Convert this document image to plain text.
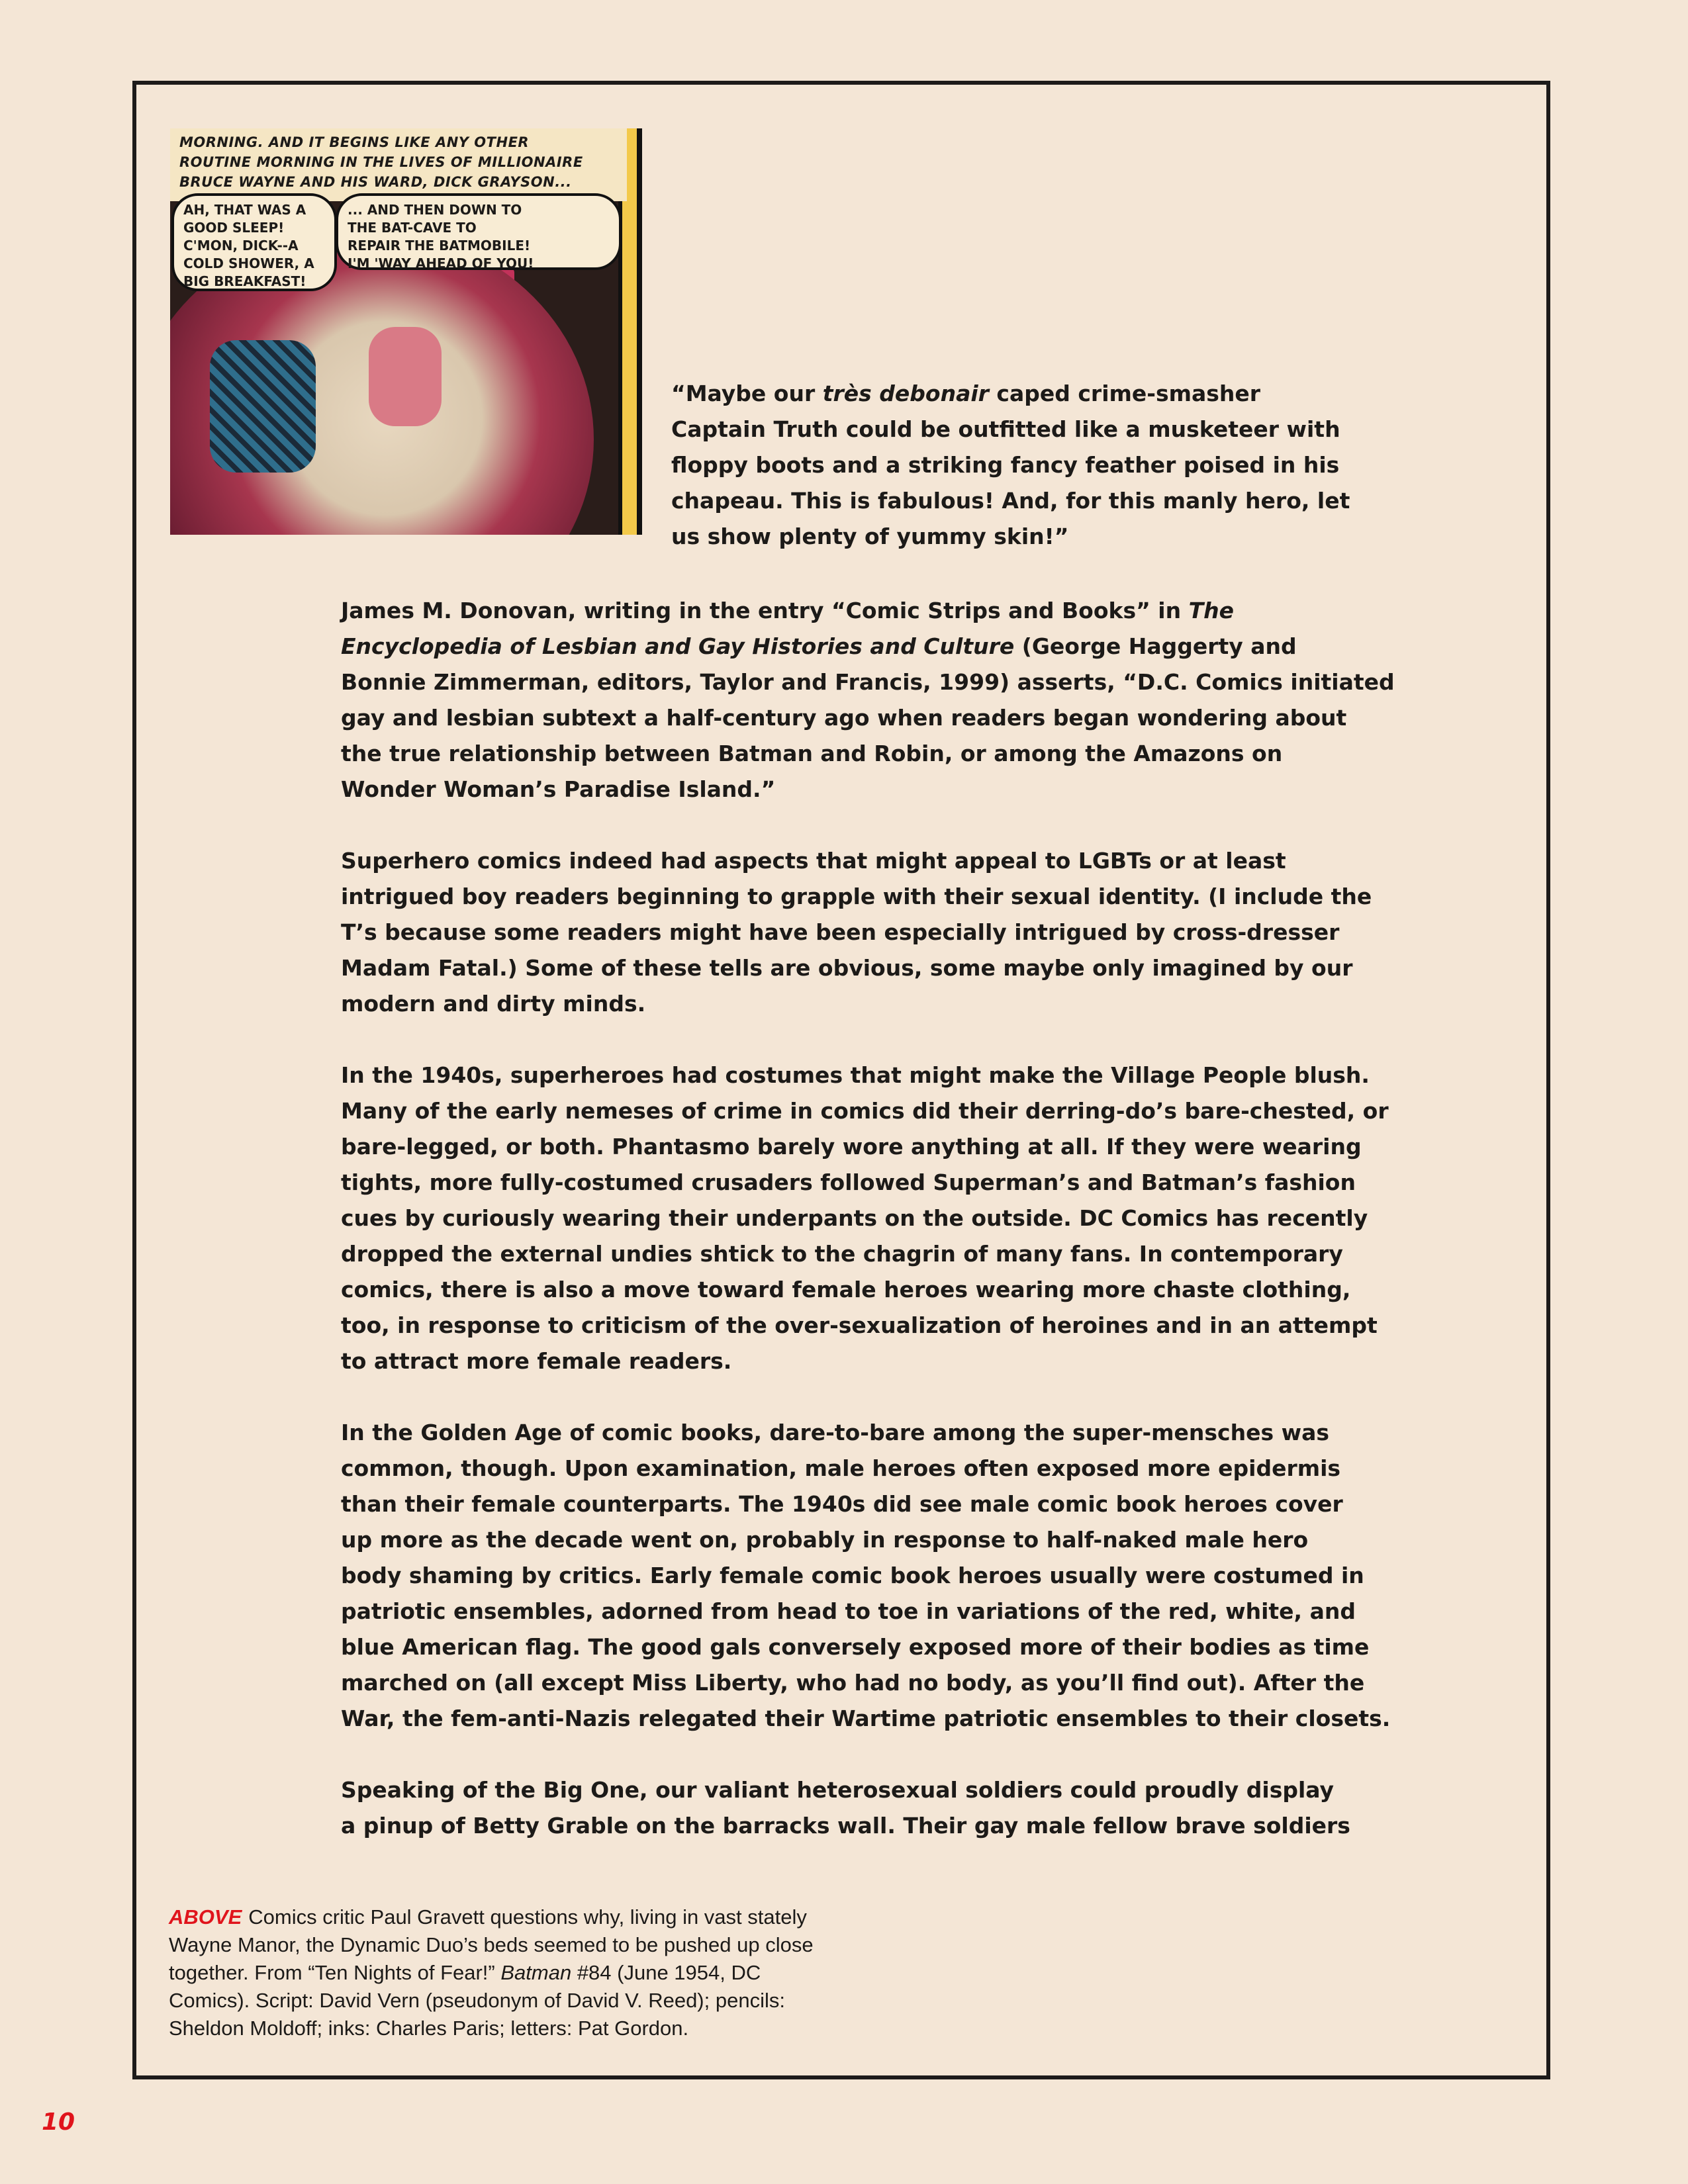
MORNING. AND IT BEGINS LIKE ANY OTHER
ROUTINE MORNING IN THE LIVES OF MILLIONAIRE
BRUCE WAYNE AND HIS WARD, DICK GRAYSON...
AH, THAT WAS A
GOOD SLEEP!
C'MON, DICK--A
COLD SHOWER, A
BIG BREAKFAST!
... AND THEN DOWN TO
THE BAT-CAVE TO
REPAIR THE BATMOBILE!
I'M 'WAY AHEAD OF YOU!
“Maybe our très debonair caped crime-smasher
Captain Truth could be outfitted like a musketeer with
floppy boots and a striking fancy feather poised in his
chapeau. This is fabulous! And, for this manly hero, let
us show plenty of yummy skin!”
James M. Donovan, writing in the entry “Comic Strips and Books” in The
Encyclopedia of Lesbian and Gay Histories and Culture (George Haggerty and
Bonnie Zimmerman, editors, Taylor and Francis, 1999) asserts, “D.C. Comics initiated
gay and lesbian subtext a half-century ago when readers began wondering about
the true relationship between Batman and Robin, or among the Amazons on
Wonder Woman’s Paradise Island.”
Superhero comics indeed had aspects that might appeal to LGBTs or at least
intrigued boy readers beginning to grapple with their sexual identity. (I include the
T’s because some readers might have been especially intrigued by cross-dresser
Madam Fatal.) Some of these tells are obvious, some maybe only imagined by our
modern and dirty minds.
In the 1940s, superheroes had costumes that might make the Village People blush.
Many of the early nemeses of crime in comics did their derring-do’s bare-chested, or
bare-legged, or both. Phantasmo barely wore anything at all. If they were wearing
tights, more fully-costumed crusaders followed Superman’s and Batman’s fashion
cues by curiously wearing their underpants on the outside. DC Comics has recently
dropped the external undies shtick to the chagrin of many fans. In contemporary
comics, there is also a move toward female heroes wearing more chaste clothing,
too, in response to criticism of the over-sexualization of heroines and in an attempt
to attract more female readers.
In the Golden Age of comic books, dare-to-bare among the super-mensches was
common, though. Upon examination, male heroes often exposed more epidermis
than their female counterparts. The 1940s did see male comic book heroes cover
up more as the decade went on, probably in response to half-naked male hero
body shaming by critics. Early female comic book heroes usually were costumed in
patriotic ensembles, adorned from head to toe in variations of the red, white, and
blue American flag. The good gals conversely exposed more of their bodies as time
marched on (all except Miss Liberty, who had no body, as you’ll find out). After the
War, the fem-anti-Nazis relegated their Wartime patriotic ensembles to their closets.
Speaking of the Big One, our valiant heterosexual soldiers could proudly display
a pinup of Betty Grable on the barracks wall. Their gay male fellow brave soldiers
ABOVE Comics critic Paul Gravett questions why, living in vast stately
Wayne Manor, the Dynamic Duo’s beds seemed to be pushed up close
together. From “Ten Nights of Fear!” Batman #84 (June 1954, DC
Comics). Script: David Vern (pseudonym of David V. Reed); pencils:
Sheldon Moldoff; inks: Charles Paris; letters: Pat Gordon.
10
